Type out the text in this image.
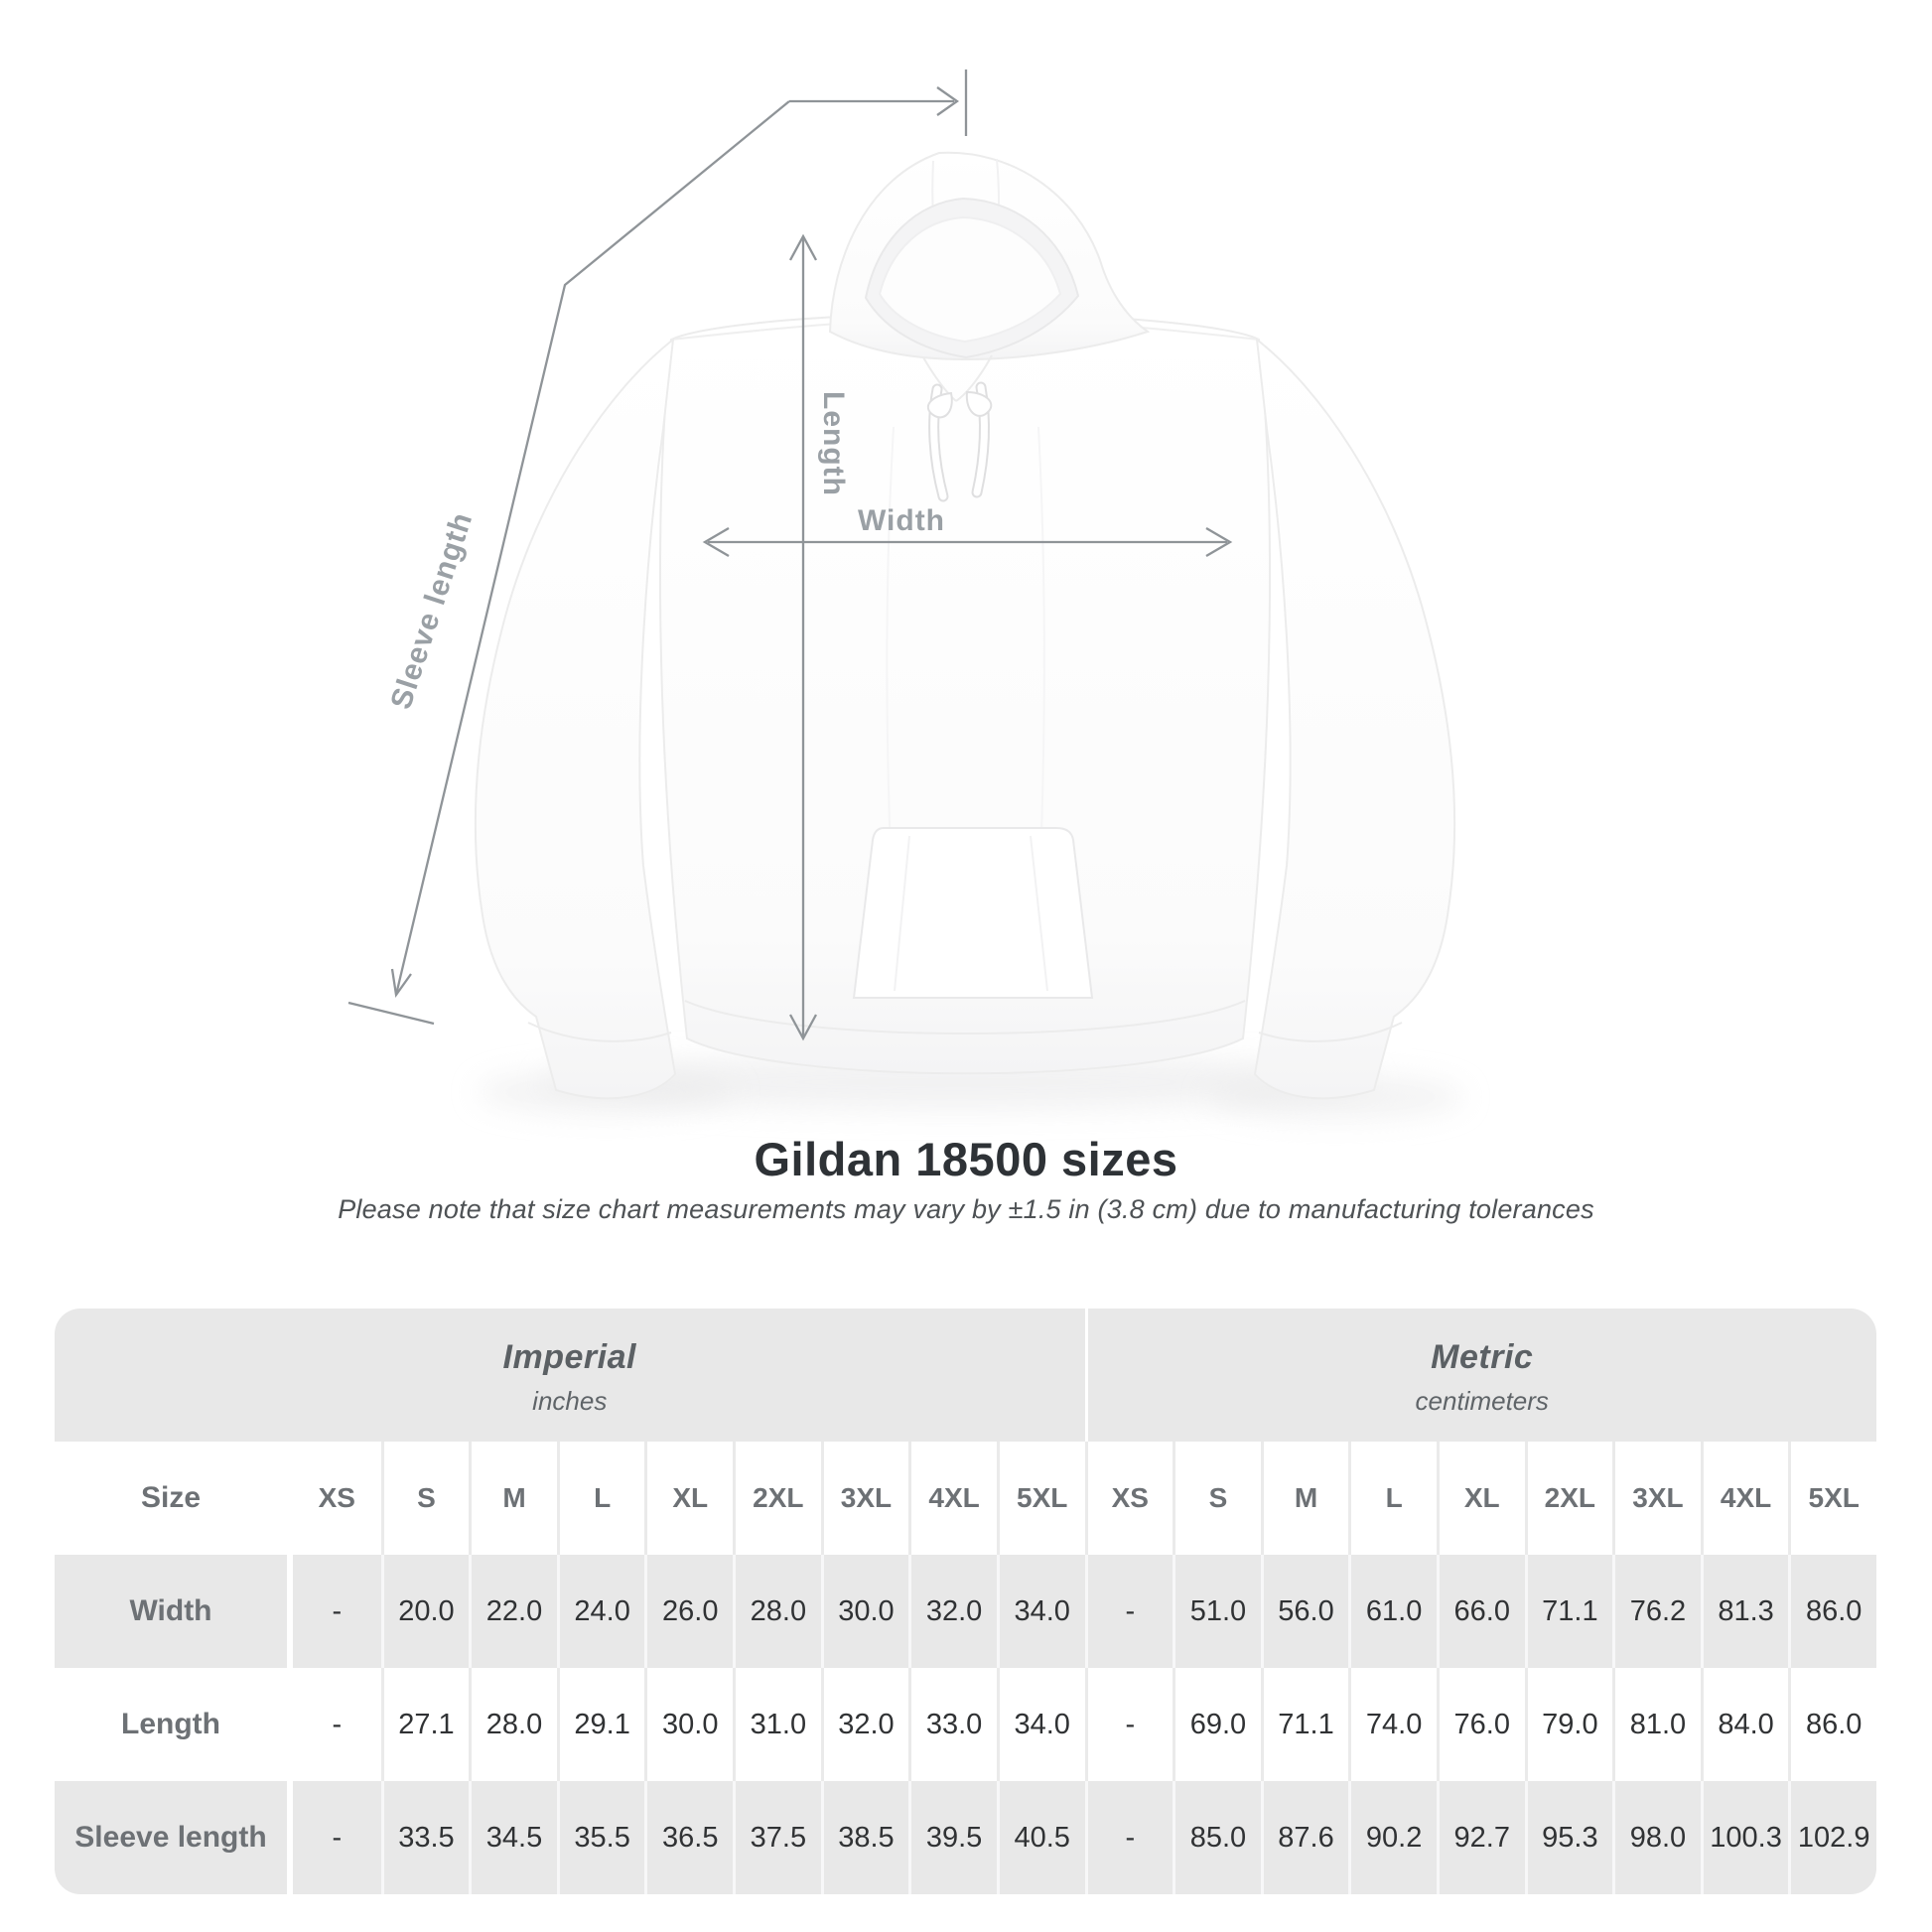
Width
Length
Sleeve length
Gildan 18500 sizes
Please note that size chart measurements may vary by ±1.5 in (3.8 cm) due to manufacturing tolerances
Imperial
inches
Metric
centimeters
Size	XS	S	M	L	XL	2XL	3XL	4XL	5XL	XS	S	M	L	XL	2XL	3XL	4XL	5XL
Width	-	20.0	22.0	24.0	26.0	28.0	30.0	32.0	34.0	-	51.0	56.0	61.0	66.0	71.1	76.2	81.3	86.0
Length	-	27.1	28.0	29.1	30.0	31.0	32.0	33.0	34.0	-	69.0	71.1	74.0	76.0	79.0	81.0	84.0	86.0
Sleeve length	-	33.5	34.5	35.5	36.5	37.5	38.5	39.5	40.5	-	85.0	87.6	90.2	92.7	95.3	98.0 100.3 102.9
